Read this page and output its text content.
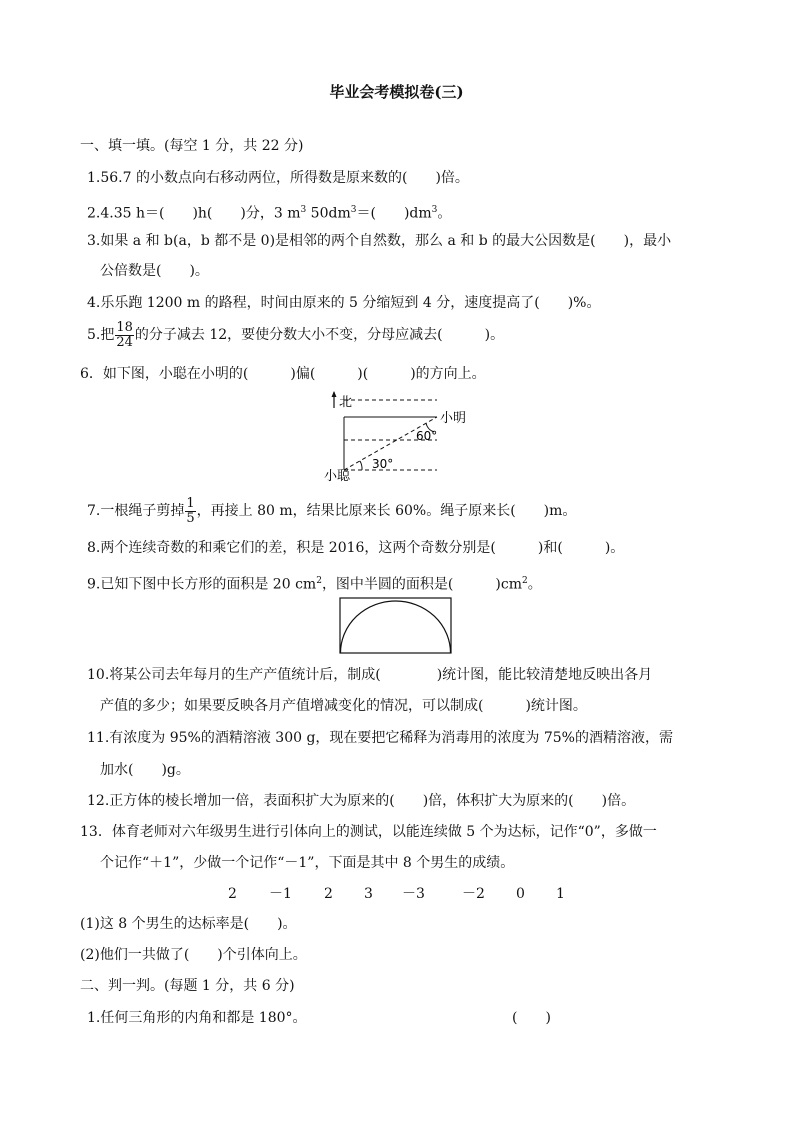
毕业会考模拟卷(三)
一、填一填。(每空 1 分，共 22 分)
1.56.7 的小数点向右移动两位，所得数是原来数的(　　)倍。
2.4.35 h＝(　　)h(　　)分，3 $m^3$ $50dm^3=$(　　)$dm^3$。
3.如果 a 和 b(a，b 都不是 0)是相邻的两个自然数，那么 a 和 b 的最大公因数是(　　)，最小
公倍数是(　　)。
4.乐乐跑 1200 m 的路程，时间由原来的 5 分缩短到 4 分，速度提高了(　　)%。
5.把 $\frac{18}{24}$ 的分子减去 12，要使分数大小不变，分母应减去(　　　)。
6．如下图，小聪在小明的(　　　)偏(　　　)(　　　)的方向上。
北
小明
60°
30°
小聪
7.一根绳子剪掉 $\frac{1}{5}$ ，再接上 80 m，结果比原来长 60%。绳子原来长(　　)m。
8.两个连续奇数的和乘它们的差，积是 2016，这两个奇数分别是(　　　)和(　　　)。
9.已知下图中长方形的面积是 20 $cm^2$，图中半圆的面积是(　　　)$cm^2$。
10.将某公司去年每月的生产产值统计后，制成(　　　　)统计图，能比较清楚地反映出各月
产值的多少；如果要反映各月产值增减变化的情况，可以制成(　　　)统计图。
11.有浓度为 95%的酒精溶液 300 g，现在要把它稀释为消毒用的浓度为 75%的酒精溶液，需
加水(　　)g。
12.正方体的棱长增加一倍，表面积扩大为原来的(　　)倍，体积扩大为原来的(　　)倍。
13．体育老师对六年级男生进行引体向上的测试，以能连续做 5 个为达标，记作“0”，多做一
个记作“＋1”，少做一个记作“－1”，下面是其中 8 个男生的成绩。
2 －1 2 3 －3	－2 0 1
(1)这 8 个男生的达标率是(　　)。
(2)他们一共做了(　　)个引体向上。
二、判一判。(每题 1 分，共 6 分)
1.任何三角形的内角和都是 180°。	(　　)
